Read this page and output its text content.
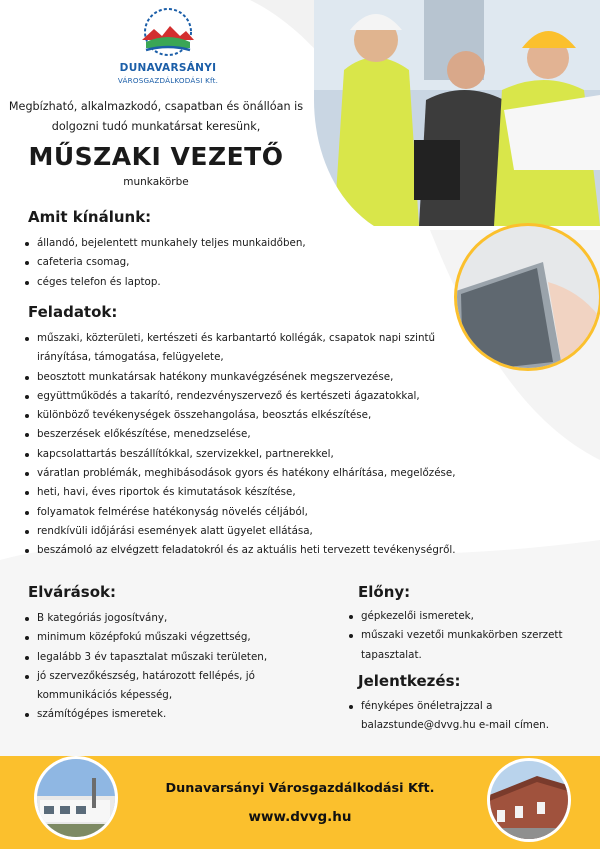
DUNAVARSÁNYI
VÁROSGAZDÁLKODÁSI Kft.
Megbízható, alkalmazkodó, csapatban és önállóan is
dolgozni tudó munkatársat keresünk,
MŰSZAKI VEZETŐ
munkakörbe
Amit kínálunk:
állandó, bejelentett munkahely teljes munkaidőben,
cafeteria csomag,
céges telefon és laptop.
Feladatok:
műszaki, közterületi, kertészeti és karbantartó kollégák, csapatok napi szintű
irányítása, támogatása, felügyelete,
beosztott munkatársak hatékony munkavégzésének megszervezése,
együttműködés a takarító, rendezvényszervező és kertészeti ágazatokkal,
különböző tevékenységek összehangolása, beosztás elkészítése,
beszerzések előkészítése, menedzselése,
kapcsolattartás beszállítókkal, szervizekkel, partnerekkel,
váratlan problémák, meghibásodások gyors és hatékony elhárítása, megelőzése,
heti, havi, éves riportok és kimutatások készítése,
folyamatok felmérése hatékonyság növelés céljából,
rendkívüli időjárási események alatt ügyelet ellátása,
beszámoló az elvégzett feladatokról és az aktuális heti tervezett tevékenységről.
Elvárások:
B kategóriás jogosítvány,
minimum középfokú műszaki végzettség,
legalább 3 év tapasztalat műszaki területen,
jó szervezőkészség, határozott fellépés, jó
kommunikációs képesség,
számítógépes ismeretek.
Előny:
gépkezelői ismeretek,
műszaki vezetői munkakörben szerzett
tapasztalat.
Jelentkezés:
fényképes önéletrajzzal a
balazstunde@dvvg.hu e-mail címen.
Dunavarsányi Városgazdálkodási Kft.
www.dvvg.hu
